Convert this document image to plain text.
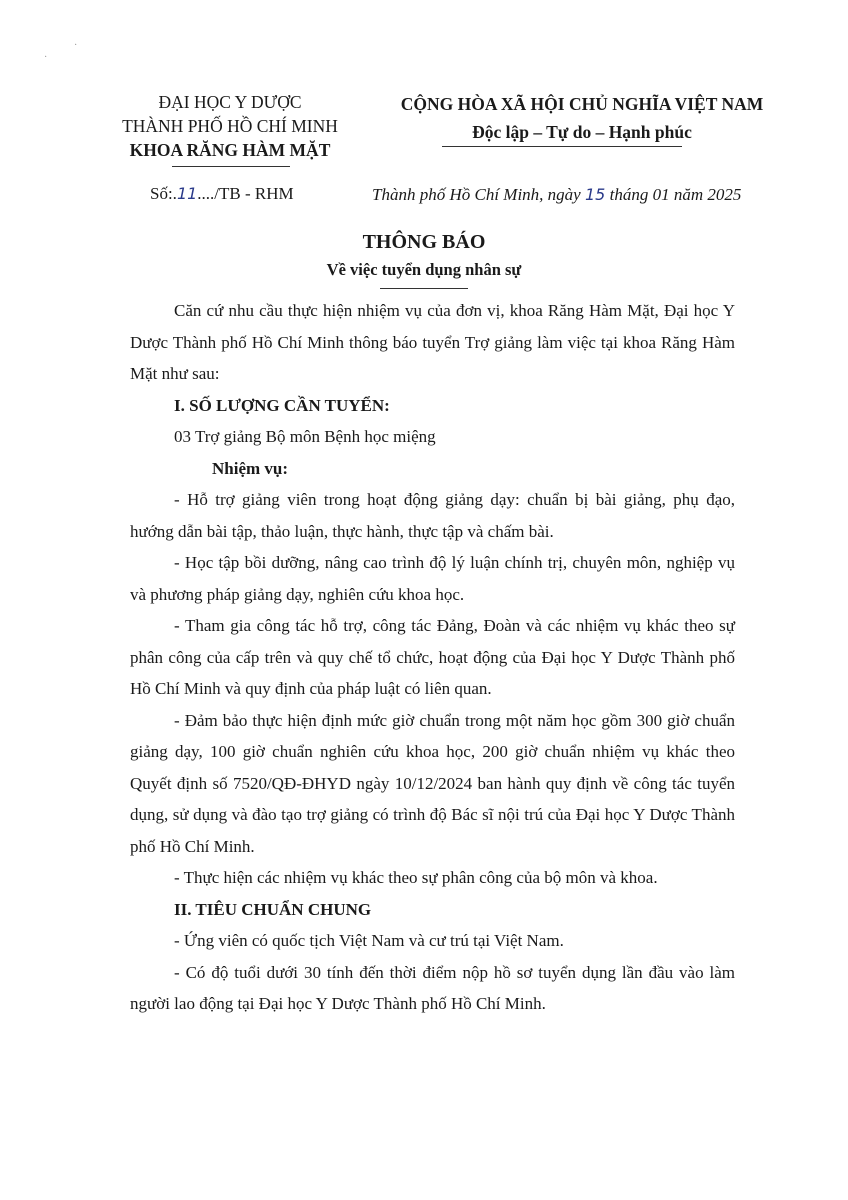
·
·
ĐẠI HỌC Y DƯỢC
THÀNH PHỐ HỒ CHÍ MINH
KHOA RĂNG HÀM MẶT
CỘNG HÒA XÃ HỘI CHỦ NGHĨA VIỆT NAM
Độc lập – Tự do – Hạnh phúc
Số:.11..../TB - RHM	Thành phố Hồ Chí Minh, ngày 15 tháng 01 năm 2025
THÔNG BÁO
Về việc tuyển dụng nhân sự

Căn cứ nhu cầu thực hiện nhiệm vụ của đơn vị, khoa Răng Hàm Mặt, Đại học Y Dược Thành phố Hồ Chí Minh thông báo tuyển Trợ giảng làm việc tại khoa Răng Hàm Mặt như sau:

I. SỐ LƯỢNG CẦN TUYỂN:

03 Trợ giảng Bộ môn Bệnh học miệng

Nhiệm vụ:

- Hỗ trợ giảng viên trong hoạt động giảng dạy: chuẩn bị bài giảng, phụ đạo, hướng dẫn bài tập, thảo luận, thực hành, thực tập và chấm bài.

- Học tập bồi dưỡng, nâng cao trình độ lý luận chính trị, chuyên môn, nghiệp vụ và phương pháp giảng dạy, nghiên cứu khoa học.

- Tham gia công tác hỗ trợ, công tác Đảng, Đoàn và các nhiệm vụ khác theo sự phân công của cấp trên và quy chế tổ chức, hoạt động của Đại học Y Dược Thành phố Hồ Chí Minh và quy định của pháp luật có liên quan.

- Đảm bảo thực hiện định mức giờ chuẩn trong một năm học gồm 300 giờ chuẩn giảng dạy, 100 giờ chuẩn nghiên cứu khoa học, 200 giờ chuẩn nhiệm vụ khác theo Quyết định số 7520/QĐ-ĐHYD ngày 10/12/2024 ban hành quy định về công tác tuyển dụng, sử dụng và đào tạo trợ giảng có trình độ Bác sĩ nội trú của Đại học Y Dược Thành phố Hồ Chí Minh.

- Thực hiện các nhiệm vụ khác theo sự phân công của bộ môn và khoa.

II. TIÊU CHUẨN CHUNG

- Ứng viên có quốc tịch Việt Nam và cư trú tại Việt Nam.

- Có độ tuổi dưới 30 tính đến thời điểm nộp hồ sơ tuyển dụng lần đầu vào làm người lao động tại Đại học Y Dược Thành phố Hồ Chí Minh.
